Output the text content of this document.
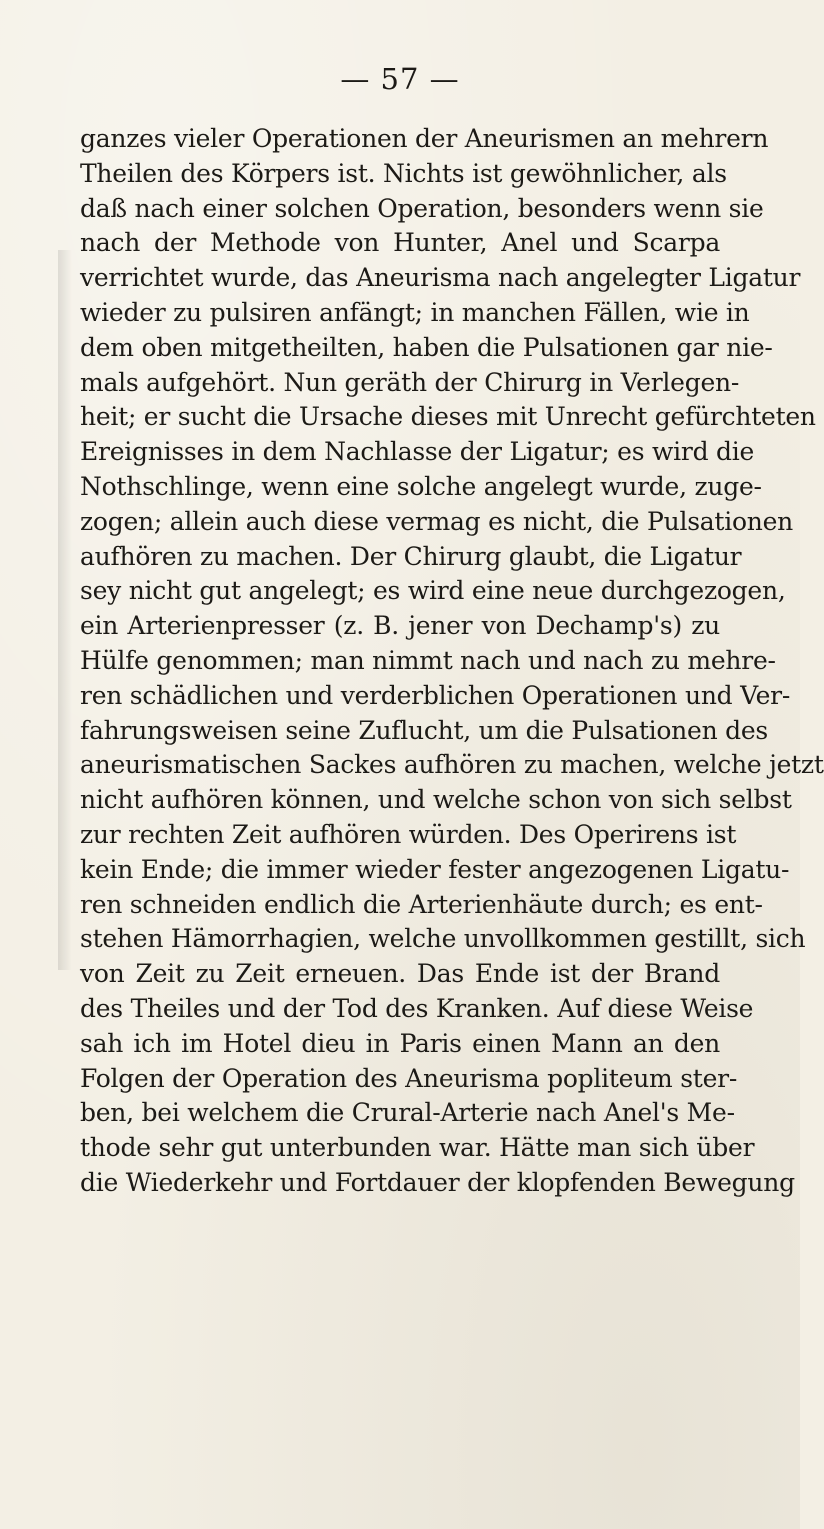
— 57 —
ganzes vieler Operationen der Aneurismen an mehrern
Theilen des Körpers ist. Nichts ist gewöhnlicher, als
daß nach einer solchen Operation, besonders wenn sie
nach der Methode von Hunter, Anel und Scarpa
verrichtet wurde, das Aneurisma nach angelegter Ligatur
wieder zu pulsiren anfängt; in manchen Fällen, wie in
dem oben mitgetheilten, haben die Pulsationen gar nie-
mals aufgehört. Nun geräth der Chirurg in Verlegen-
heit; er sucht die Ursache dieses mit Unrecht gefürchteten
Ereignisses in dem Nachlasse der Ligatur; es wird die
Nothschlinge, wenn eine solche angelegt wurde, zuge-
zogen; allein auch diese vermag es nicht, die Pulsationen
aufhören zu machen. Der Chirurg glaubt, die Ligatur
sey nicht gut angelegt; es wird eine neue durchgezogen,
ein Arterienpresser (z. B. jener von Dechamp's) zu
Hülfe genommen; man nimmt nach und nach zu mehre-
ren schädlichen und verderblichen Operationen und Ver-
fahrungsweisen seine Zuflucht, um die Pulsationen des
aneurismatischen Sackes aufhören zu machen, welche jetzt
nicht aufhören können, und welche schon von sich selbst
zur rechten Zeit aufhören würden. Des Operirens ist
kein Ende; die immer wieder fester angezogenen Ligatu-
ren schneiden endlich die Arterienhäute durch; es ent-
stehen Hämorrhagien, welche unvollkommen gestillt, sich
von Zeit zu Zeit erneuen. Das Ende ist der Brand
des Theiles und der Tod des Kranken. Auf diese Weise
sah ich im Hotel dieu in Paris einen Mann an den
Folgen der Operation des Aneurisma popliteum ster-
ben, bei welchem die Crural-Arterie nach Anel's Me-
thode sehr gut unterbunden war. Hätte man sich über
die Wiederkehr und Fortdauer der klopfenden Bewegung
